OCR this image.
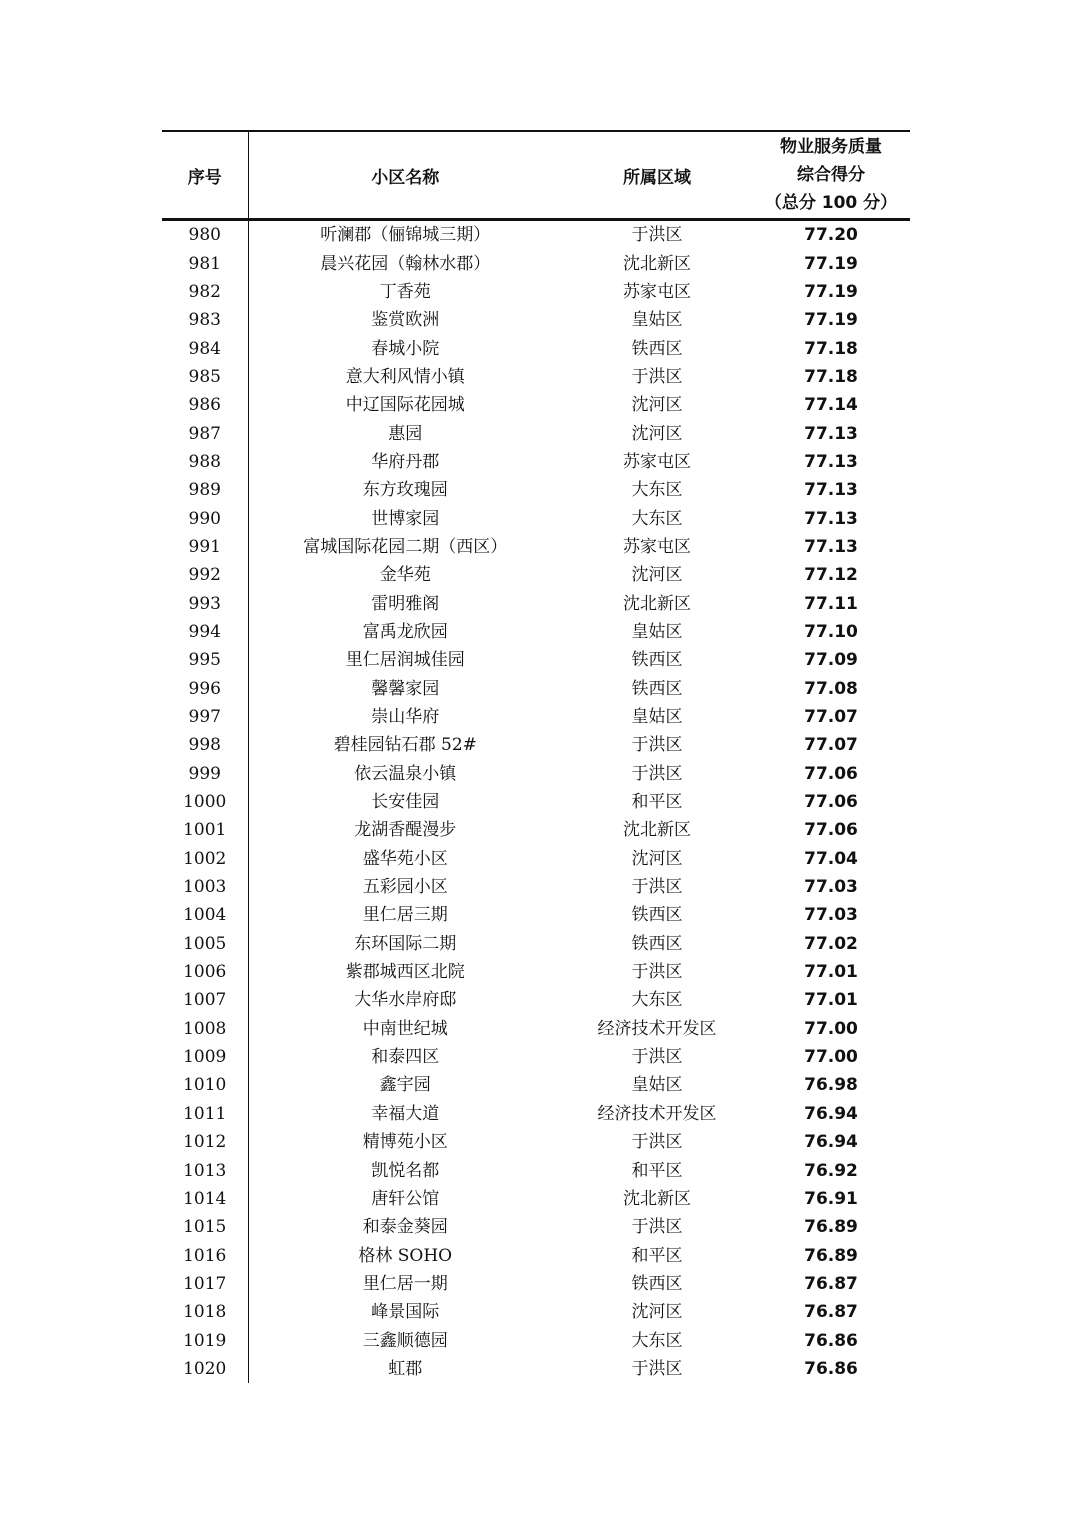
序号	小区名称	所属区域	物业服务质量
综合得分
（总分 100 分）

980	听澜郡（俪锦城三期）	于洪区	77.20
981	晨兴花园（翰林水郡）	沈北新区	77.19
982	丁香苑	苏家屯区	77.19
983	鉴赏欧洲	皇姑区	77.19
984	春城小院	铁西区	77.18
985	意大利风情小镇	于洪区	77.18
986	中辽国际花园城	沈河区	77.14
987	惠园	沈河区	77.13
988	华府丹郡	苏家屯区	77.13
989	东方玫瑰园	大东区	77.13
990	世博家园	大东区	77.13
991	富城国际花园二期（西区）	苏家屯区	77.13
992	金华苑	沈河区	77.12
993	雷明雅阁	沈北新区	77.11
994	富禹龙欣园	皇姑区	77.10
995	里仁居润城佳园	铁西区	77.09
996	馨馨家园	铁西区	77.08
997	崇山华府	皇姑区	77.07
998	碧桂园钻石郡 52#	于洪区	77.07
999	依云温泉小镇	于洪区	77.06
1000	长安佳园	和平区	77.06
1001	龙湖香醍漫步	沈北新区	77.06
1002	盛华苑小区	沈河区	77.04
1003	五彩园小区	于洪区	77.03
1004	里仁居三期	铁西区	77.03
1005	东环国际二期	铁西区	77.02
1006	紫郡城西区北院	于洪区	77.01
1007	大华水岸府邸	大东区	77.01
1008	中南世纪城	经济技术开发区	77.00
1009	和泰四区	于洪区	77.00
1010	鑫宇园	皇姑区	76.98
1011	幸福大道	经济技术开发区	76.94
1012	精博苑小区	于洪区	76.94
1013	凯悦名都	和平区	76.92
1014	唐轩公馆	沈北新区	76.91
1015	和泰金葵园	于洪区	76.89
1016	格林 SOHO	和平区	76.89
1017	里仁居一期	铁西区	76.87
1018	峰景国际	沈河区	76.87
1019	三鑫顺德园	大东区	76.86
1020	虹郡	于洪区	76.86
